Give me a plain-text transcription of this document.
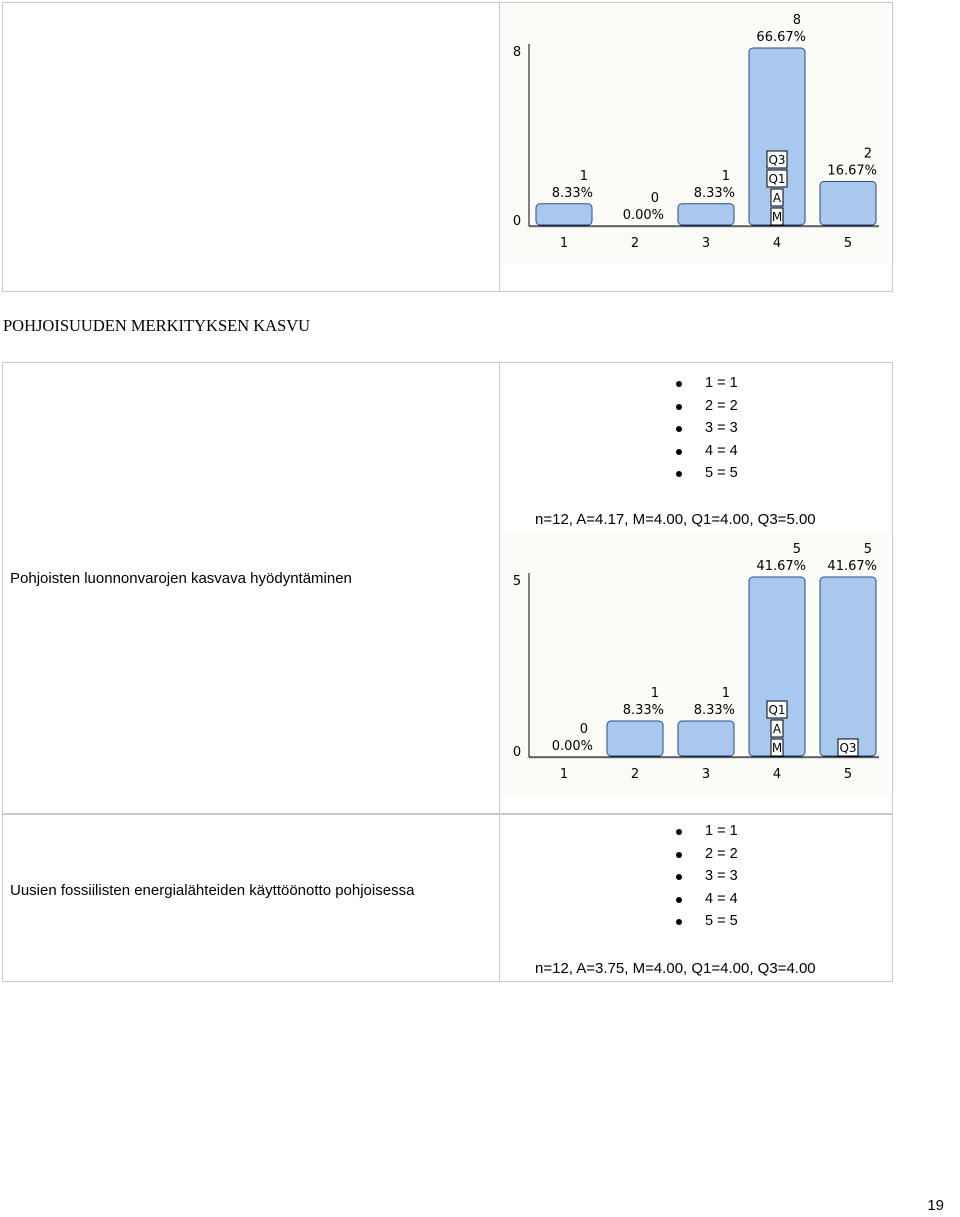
0
8
1
8.33%
1
0
0.00%
2
1
8.33%
3
8
66.67%
4
2
16.67%
5
Q3
Q1
A
M
POHJOISUUDEN MERKITYKSEN KASVU
Pohjoisten luonnonvarojen kasvava hyödyntäminen
1 = 1
2 = 2
3 = 3
4 = 4
5 = 5
n=12, A=4.17, M=4.00, Q1=4.00, Q3=5.00
0
5
0
0.00%
1
1
8.33%
2
1
8.33%
3
5
41.67%
4
5
41.67%
5
Q1
A
M	Q3
Uusien fossiilisten energialähteiden käyttöönotto pohjoisessa
1 = 1
2 = 2
3 = 3
4 = 4
5 = 5
n=12, A=3.75, M=4.00, Q1=4.00, Q3=4.00
19
